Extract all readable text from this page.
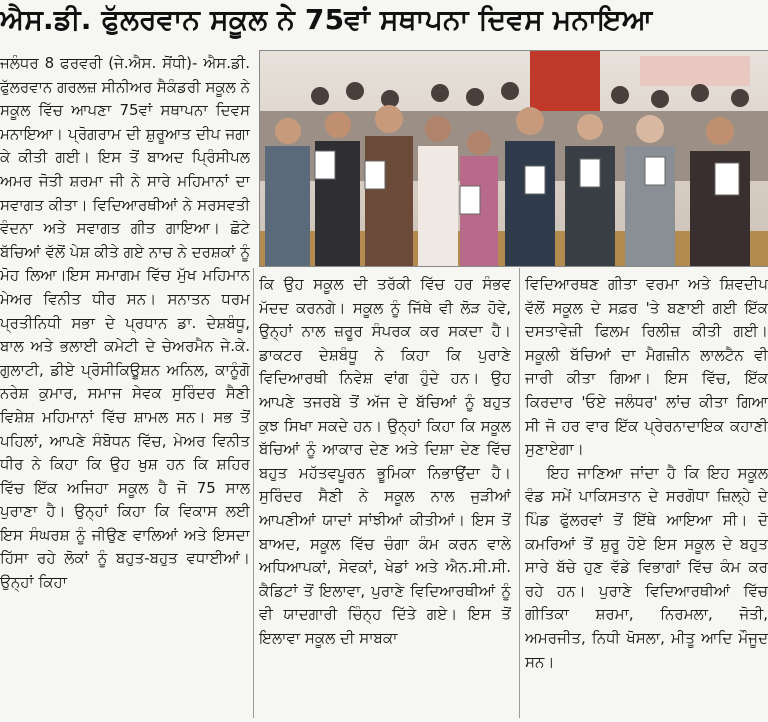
ਐਸ.ਡੀ. ਫੁੱਲਰਵਾਨ ਸਕੂਲ ਨੇ 75ਵਾਂ ਸਥਾਪਨਾ ਦਿਵਸ ਮਨਾਇਆ

ਜਲੰਧਰ 8 ਫਰਵਰੀ (ਜੇ.ਐਸ. ਸੋਂਧੀ)- ਐਸ.ਡੀ. ਫੁੱਲਰਵਾਨ ਗਰਲਜ਼ ਸੀਨੀਅਰ ਸੈਕੰਡਰੀ ਸਕੂਲ ਨੇ ਸਕੂਲ ਵਿੱਚ ਆਪਣਾ 75ਵਾਂ ਸਥਾਪਨਾ ਦਿਵਸ ਮਨਾਇਆ। ਪ੍ਰੋਗਰਾਮ ਦੀ ਸ਼ੁਰੂਆਤ ਦੀਪ ਜਗਾ ਕੇ ਕੀਤੀ ਗਈ। ਇਸ ਤੋਂ ਬਾਅਦ ਪ੍ਰਿੰਸੀਪਲ ਅਮਰ ਜੋਤੀ ਸ਼ਰਮਾ ਜੀ ਨੇ ਸਾਰੇ ਮਹਿਮਾਨਾਂ ਦਾ ਸਵਾਗਤ ਕੀਤਾ। ਵਿਦਿਆਰਥੀਆਂ ਨੇ ਸਰਸਵਤੀ ਵੰਦਨਾ ਅਤੇ ਸਵਾਗਤ ਗੀਤ ਗਾਇਆ। ਛੋਟੇ ਬੱਚਿਆਂ ਵੱਲੋਂ ਪੇਸ਼ ਕੀਤੇ ਗਏ ਨਾਚ ਨੇ ਦਰਸ਼ਕਾਂ ਨੂੰ ਮੋਹ ਲਿਆ।ਇਸ ਸਮਾਗਮ ਵਿੱਚ ਮੁੱਖ ਮਹਿਮਾਨ ਮੇਅਰ ਵਿਨੀਤ ਧੀਰ ਸਨ। ਸਨਾਤਨ ਧਰਮ ਪ੍ਰਤੀਨਿਧੀ ਸਭਾ ਦੇ ਪ੍ਰਧਾਨ ਡਾ. ਦੇਸ਼ਬੰਧੂ, ਬਾਲ ਅਤੇ ਭਲਾਈ ਕਮੇਟੀ ਦੇ ਚੇਅਰਮੈਨ ਜੇ.ਕੇ. ਗੁਲਾਟੀ, ਡੀਏ ਪ੍ਰੋਸੀਕਿਊਸ਼ਨ ਅਨਿਲ, ਕਾਨੂੰਗੋ ਨਰੇਸ਼ ਕੁਮਾਰ, ਸਮਾਜ ਸੇਵਕ ਸੁਰਿੰਦਰ ਸੈਣੀ ਵਿਸ਼ੇਸ਼ ਮਹਿਮਾਨਾਂ ਵਿੱਚ ਸ਼ਾਮਲ ਸਨ। ਸਭ ਤੋਂ ਪਹਿਲਾਂ, ਆਪਣੇ ਸੰਬੋਧਨ ਵਿੱਚ, ਮੇਅਰ ਵਿਨੀਤ ਧੀਰ ਨੇ ਕਿਹਾ ਕਿ ਉਹ ਖੁਸ਼ ਹਨ ਕਿ ਸ਼ਹਿਰ ਵਿੱਚ ਇੱਕ ਅਜਿਹਾ ਸਕੂਲ ਹੈ ਜੋ 75 ਸਾਲ ਪੁਰਾਣਾ ਹੈ। ਉਨ੍ਹਾਂ ਕਿਹਾ ਕਿ ਵਿਕਾਸ ਲਈ ਇਸ ਸੰਘਰਸ਼ ਨੂੰ ਜੀਉਣ ਵਾਲਿਆਂ ਅਤੇ ਇਸਦਾ ਹਿੱਸਾ ਰਹੇ ਲੋਕਾਂ ਨੂੰ ਬਹੁਤ-ਬਹੁਤ ਵਧਾਈਆਂ। ਉਨ੍ਹਾਂ ਕਿਹਾ

ਕਿ ਉਹ ਸਕੂਲ ਦੀ ਤਰੱਕੀ ਵਿੱਚ ਹਰ ਸੰਭਵ ਮੱਦਦ ਕਰਨਗੇ। ਸਕੂਲ ਨੂੰ ਜਿੱਥੇ ਵੀ ਲੋੜ ਹੋਵੇ, ਉਨ੍ਹਾਂ ਨਾਲ ਜ਼ਰੂਰ ਸੰਪਰਕ ਕਰ ਸਕਦਾ ਹੈ। ਡਾਕਟਰ ਦੇਸ਼ਬੰਧੂ ਨੇ ਕਿਹਾ ਕਿ ਪੁਰਾਣੇ ਵਿਦਿਆਰਥੀ ਨਿਵੇਸ਼ ਵਾਂਗ ਹੁੰਦੇ ਹਨ। ਉਹ ਆਪਣੇ ਤਜਰਬੇ ਤੋਂ ਅੱਜ ਦੇ ਬੱਚਿਆਂ ਨੂੰ ਬਹੁਤ ਕੁਝ ਸਿਖਾ ਸਕਦੇ ਹਨ। ਉਨ੍ਹਾਂ ਕਿਹਾ ਕਿ ਸਕੂਲ ਬੱਚਿਆਂ ਨੂੰ ਆਕਾਰ ਦੇਣ ਅਤੇ ਦਿਸ਼ਾ ਦੇਣ ਵਿੱਚ ਬਹੁਤ ਮਹੱਤਵਪੂਰਨ ਭੂਮਿਕਾ ਨਿਭਾਉਂਦਾ ਹੈ। ਸੁਰਿੰਦਰ ਸੈਣੀ ਨੇ ਸਕੂਲ ਨਾਲ ਜੁੜੀਆਂ ਆਪਣੀਆਂ ਯਾਦਾਂ ਸਾਂਝੀਆਂ ਕੀਤੀਆਂ। ਇਸ ਤੋਂ ਬਾਅਦ, ਸਕੂਲ ਵਿੱਚ ਚੰਗਾ ਕੰਮ ਕਰਨ ਵਾਲੇ ਅਧਿਆਪਕਾਂ, ਸੇਵਕਾਂ, ਖੇਡਾਂ ਅਤੇ ਐਨ.ਸੀ.ਸੀ. ਕੈਡਿਟਾਂ ਤੋਂ ਇਲਾਵਾ, ਪੁਰਾਣੇ ਵਿਦਿਆਰਥੀਆਂ ਨੂੰ ਵੀ ਯਾਦਗਾਰੀ ਚਿੰਨ੍ਹ ਦਿੱਤੇ ਗਏ। ਇਸ ਤੋਂ ਇਲਾਵਾ ਸਕੂਲ ਦੀ ਸਾਬਕਾ

ਵਿਦਿਆਰਥਣ ਗੀਤਾ ਵਰਮਾ ਅਤੇ ਸ਼ਿਵਦੀਪ ਵੱਲੋਂ ਸਕੂਲ ਦੇ ਸਫ਼ਰ 'ਤੇ ਬਣਾਈ ਗਈ ਇੱਕ ਦਸਤਾਵੇਜ਼ੀ ਫਿਲਮ ਰਿਲੀਜ਼ ਕੀਤੀ ਗਈ। ਸਕੂਲੀ ਬੱਚਿਆਂ ਦਾ ਮੈਗਜ਼ੀਨ ਲਾਲਟੈਨ ਵੀ ਜਾਰੀ ਕੀਤਾ ਗਿਆ। ਇਸ ਵਿੱਚ, ਇੱਕ ਕਿਰਦਾਰ 'ਓਏ ਜਲੰਧਰ' ਲਾਂਚ ਕੀਤਾ ਗਿਆ ਸੀ ਜੋ ਹਰ ਵਾਰ ਇੱਕ ਪ੍ਰੇਰਨਾਦਾਇਕ ਕਹਾਣੀ ਸੁਣਾਏਗਾ।

ਇਹ ਜਾਣਿਆ ਜਾਂਦਾ ਹੈ ਕਿ ਇਹ ਸਕੂਲ ਵੰਡ ਸਮੇਂ ਪਾਕਿਸਤਾਨ ਦੇ ਸਰਗੋਧਾ ਜ਼ਿਲ੍ਹੇ ਦੇ ਪਿੰਡ ਫੁੱਲਰਵਾਂ ਤੋਂ ਇੱਥੇ ਆਇਆ ਸੀ। ਦੋ ਕਮਰਿਆਂ ਤੋਂ ਸ਼ੁਰੂ ਹੋਏ ਇਸ ਸਕੂਲ ਦੇ ਬਹੁਤ ਸਾਰੇ ਬੱਚੇ ਹੁਣ ਵੱਡੇ ਵਿਭਾਗਾਂ ਵਿੱਚ ਕੰਮ ਕਰ ਰਹੇ ਹਨ। ਪੁਰਾਣੇ ਵਿਦਿਆਰਥੀਆਂ ਵਿੱਚ ਗੀਤਿਕਾ ਸ਼ਰਮਾ, ਨਿਰਮਲਾ, ਜੋਤੀ, ਅਮਰਜੀਤ, ਨਿਧੀ ਖੋਸਲਾ, ਮੀਤੂ ਆਦਿ ਮੌਜੂਦ ਸਨ।
